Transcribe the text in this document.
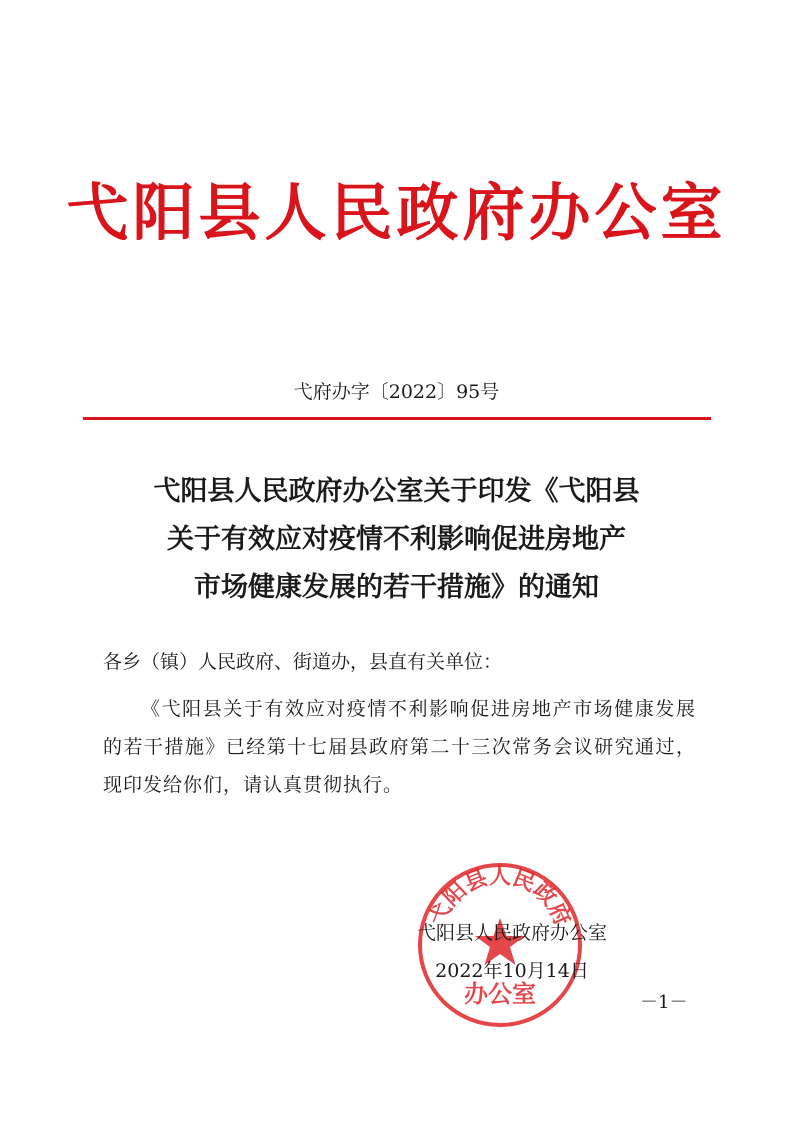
弋阳县人民政府办公室
弋府办字〔2022〕95号
弋阳县人民政府办公室关于印发《弋阳县
关于有效应对疫情不利影响促进房地产
市场健康发展的若干措施》的通知
各乡（镇）人民政府、街道办，县直有关单位：
《弋阳县关于有效应对疫情不利影响促进房地产市场健康发展的若干措施》已经第十七届县政府第二十三次常务会议研究通过，现印发给你们，请认真贯彻执行。
弋阳县人民政府
办公室
弋阳县人民政府办公室
2022年10月14日
－1－
